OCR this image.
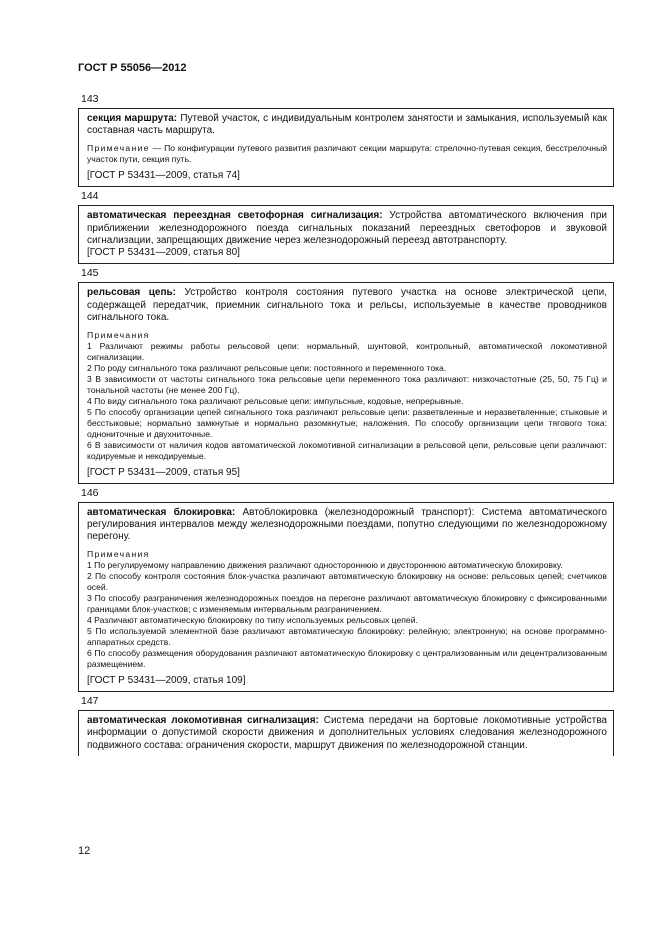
ГОСТ Р 55056—2012
143

секция маршрута: Путевой участок, с индивидуальным контролем занятости и замыкания, используемый как составная часть маршрута.

Примечание — По конфигурации путевого развития различают секции маршрута: стрелочно-путевая секция, бесстрелочный участок пути, секция путь.

[ГОСТ Р 53431—2009, статья 74]

144

автоматическая переездная светофорная сигнализация: Устройства автоматического включения при приближении железнодорожного поезда сигнальных показаний переездных светофоров и звуковой сигнализации, запрещающих движение через железнодорожный переезд автотранспорту.

[ГОСТ Р 53431—2009, статья 80]

145

рельсовая цепь: Устройство контроля состояния путевого участка на основе электрической цепи, содержащей передатчик, приемник сигнального тока и рельсы, используемые в качестве проводников сигнального тока.

Примечания

1 Различают режимы работы рельсовой цепи: нормальный, шунтовой, контрольный, автоматической локомотивной сигнализации.

2 По роду сигнального тока различают рельсовые цепи: постоянного и переменного тока.

3 В зависимости от частоты сигнального тока рельсовые цепи переменного тока различают: низкочастотные (25, 50, 75 Гц) и тональной частоты (не менее 200 Гц).

4 По виду сигнального тока различают рельсовые цепи: импульсные, кодовые, непрерывные.

5 По способу организации цепей сигнального тока различают рельсовые цепи: разветвленные и неразветвленные; стыковые и бесстыковые; нормально замкнутые и нормально разомкнутые; наложения. По способу организации цепи тягового тока: однониточные и двухниточные.

6 В зависимости от наличия кодов автоматической локомотивной сигнализации в рельсовой цепи, рельсовые цепи различают: кодируемые и некодируемые.

[ГОСТ Р 53431—2009, статья 95]

146

автоматическая блокировка: Автоблокировка (железнодорожный транспорт): Система автоматического регулирования интервалов между железнодорожными поездами, попутно следующими по железнодорожному перегону.

Примечания

1 По регулируемому направлению движения различают одностороннюю и двустороннюю автоматическую блокировку.

2 По способу контроля состояния блок-участка различают автоматическую блокировку на основе: рельсовых цепей; счетчиков осей.

3 По способу разграничения железнодорожных поездов на перегоне различают автоматическую блокировку с фиксированными границами блок-участков; с изменяемым интервальным разграничением.

4 Различают автоматическую блокировку по типу используемых рельсовых цепей.

5 По используемой элементной базе различают автоматическую блокировку: релейную; электронную; на основе программно-аппаратных средств.

6 По способу размещения оборудования различают автоматическую блокировку с централизованным или децентрализованным размещением.

[ГОСТ Р 53431—2009, статья 109]

147

автоматическая локомотивная сигнализация: Система передачи на бортовые локомотивные устройства информации о допустимой скорости движения и дополнительных условиях следования железнодорожного подвижного состава: ограничения скорости, маршрут движения по железнодорожной станции.

12
